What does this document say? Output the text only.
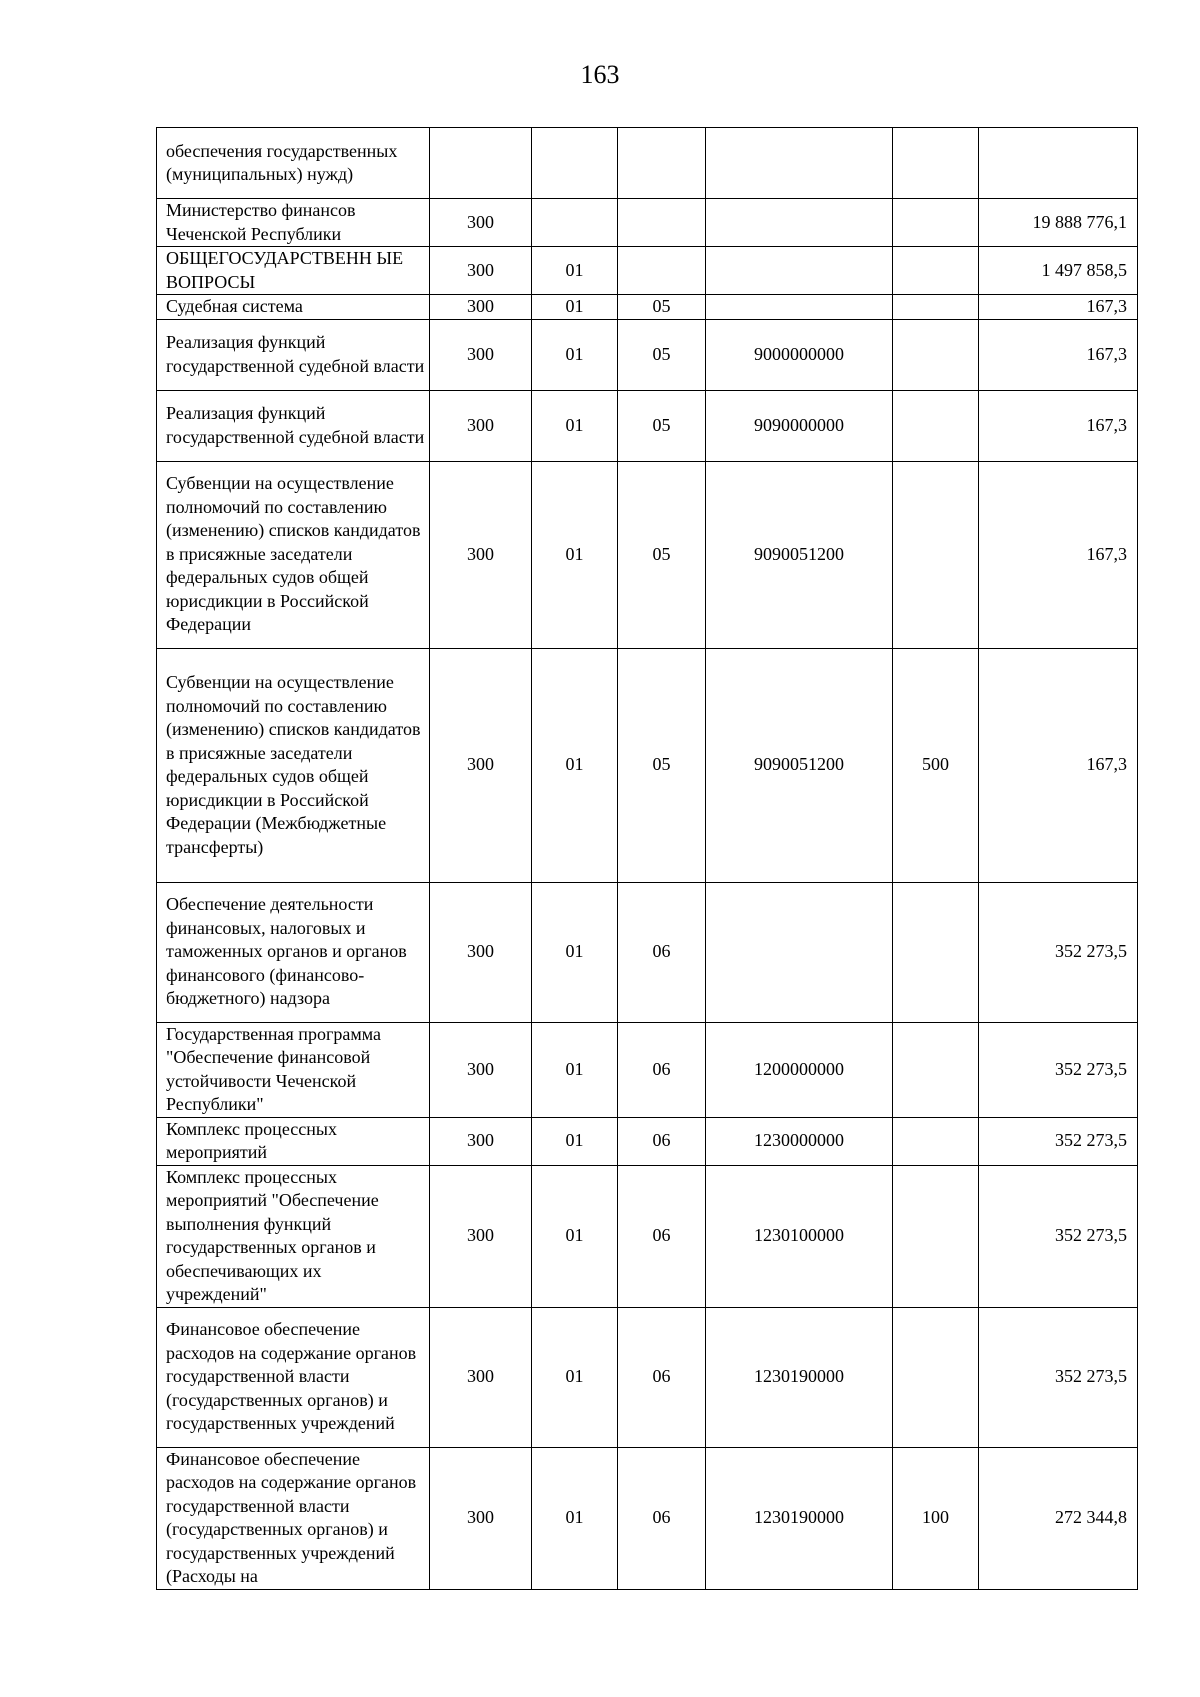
163
обеспечения государственных (муниципальных) нужд)						
Министерство финансов Чеченской Республики	300					19 888 776,1
ОБЩЕГОСУДАРСТВЕНН ЫЕ ВОПРОСЫ	300	01				1 497 858,5
Судебная система	300	01	05			167,3
Реализация функций государственной судебной власти	300	01	05	9000000000		167,3
Реализация функций государственной судебной власти	300	01	05	9090000000		167,3
Субвенции на осуществление полномочий по составлению (изменению) списков кандидатов в присяжные заседатели федеральных судов общей юрисдикции в Российской Федерации	300	01	05	9090051200		167,3
Субвенции на осуществление полномочий по составлению (изменению) списков кандидатов в присяжные заседатели федеральных судов общей юрисдикции в Российской Федерации (Межбюджетные трансферты)	300	01	05	9090051200	500	167,3
Обеспечение деятельности финансовых, налоговых и таможенных органов и органов финансового (финансово-бюджетного) надзора	300	01	06			352 273,5
Государственная программа "Обеспечение финансовой устойчивости Чеченской Республики"	300	01	06	1200000000		352 273,5
Комплекс процессных мероприятий	300	01	06	1230000000		352 273,5
Комплекс процессных мероприятий "Обеспечение выполнения функций государственных органов и обеспечивающих их учреждений"	300	01	06	1230100000		352 273,5
Финансовое обеспечение расходов на содержание органов государственной власти (государственных органов) и государственных учреждений	300	01	06	1230190000		352 273,5
Финансовое обеспечение расходов на содержание органов государственной власти (государственных органов) и государственных учреждений (Расходы на	300	01	06	1230190000	100	272 344,8
